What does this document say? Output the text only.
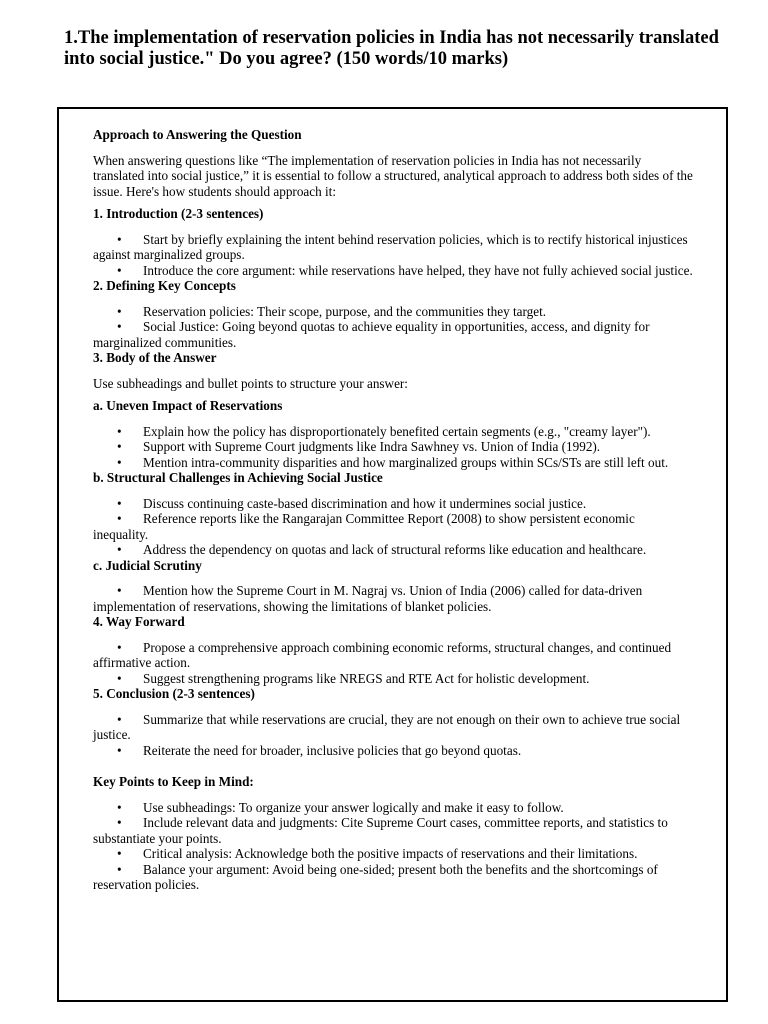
1.The implementation of reservation policies in India has not necessarily translated into social justice." Do you agree? (150 words/10 marks)

Approach to Answering the Question

When answering questions like “The implementation of reservation policies in India has not necessarily translated into social justice,” it is essential to follow a structured, analytical approach to address both sides of the issue. Here's how students should approach it:

1. Introduction (2-3 sentences)

• Start by briefly explaining the intent behind reservation policies, which is to rectify historical injustices against marginalized groups.

• Introduce the core argument: while reservations have helped, they have not fully achieved social justice.

2. Defining Key Concepts

• Reservation policies: Their scope, purpose, and the communities they target.

• Social Justice: Going beyond quotas to achieve equality in opportunities, access, and dignity for marginalized communities.

3. Body of the Answer

Use subheadings and bullet points to structure your answer:

a. Uneven Impact of Reservations

• Explain how the policy has disproportionately benefited certain segments (e.g., "creamy layer").

• Support with Supreme Court judgments like Indra Sawhney vs. Union of India (1992).

• Mention intra-community disparities and how marginalized groups within SCs/STs are still left out.

b. Structural Challenges in Achieving Social Justice

• Discuss continuing caste-based discrimination and how it undermines social justice.

• Reference reports like the Rangarajan Committee Report (2008) to show persistent economic inequality.

• Address the dependency on quotas and lack of structural reforms like education and healthcare.

c. Judicial Scrutiny

• Mention how the Supreme Court in M. Nagraj vs. Union of India (2006) called for data-driven implementation of reservations, showing the limitations of blanket policies.

4. Way Forward

• Propose a comprehensive approach combining economic reforms, structural changes, and continued affirmative action.

• Suggest strengthening programs like NREGS and RTE Act for holistic development.

5. Conclusion (2-3 sentences)

• Summarize that while reservations are crucial, they are not enough on their own to achieve true social justice.

• Reiterate the need for broader, inclusive policies that go beyond quotas.

Key Points to Keep in Mind:

• Use subheadings: To organize your answer logically and make it easy to follow.

• Include relevant data and judgments: Cite Supreme Court cases, committee reports, and statistics to substantiate your points.

• Critical analysis: Acknowledge both the positive impacts of reservations and their limitations.

• Balance your argument: Avoid being one-sided; present both the benefits and the shortcomings of reservation policies.
